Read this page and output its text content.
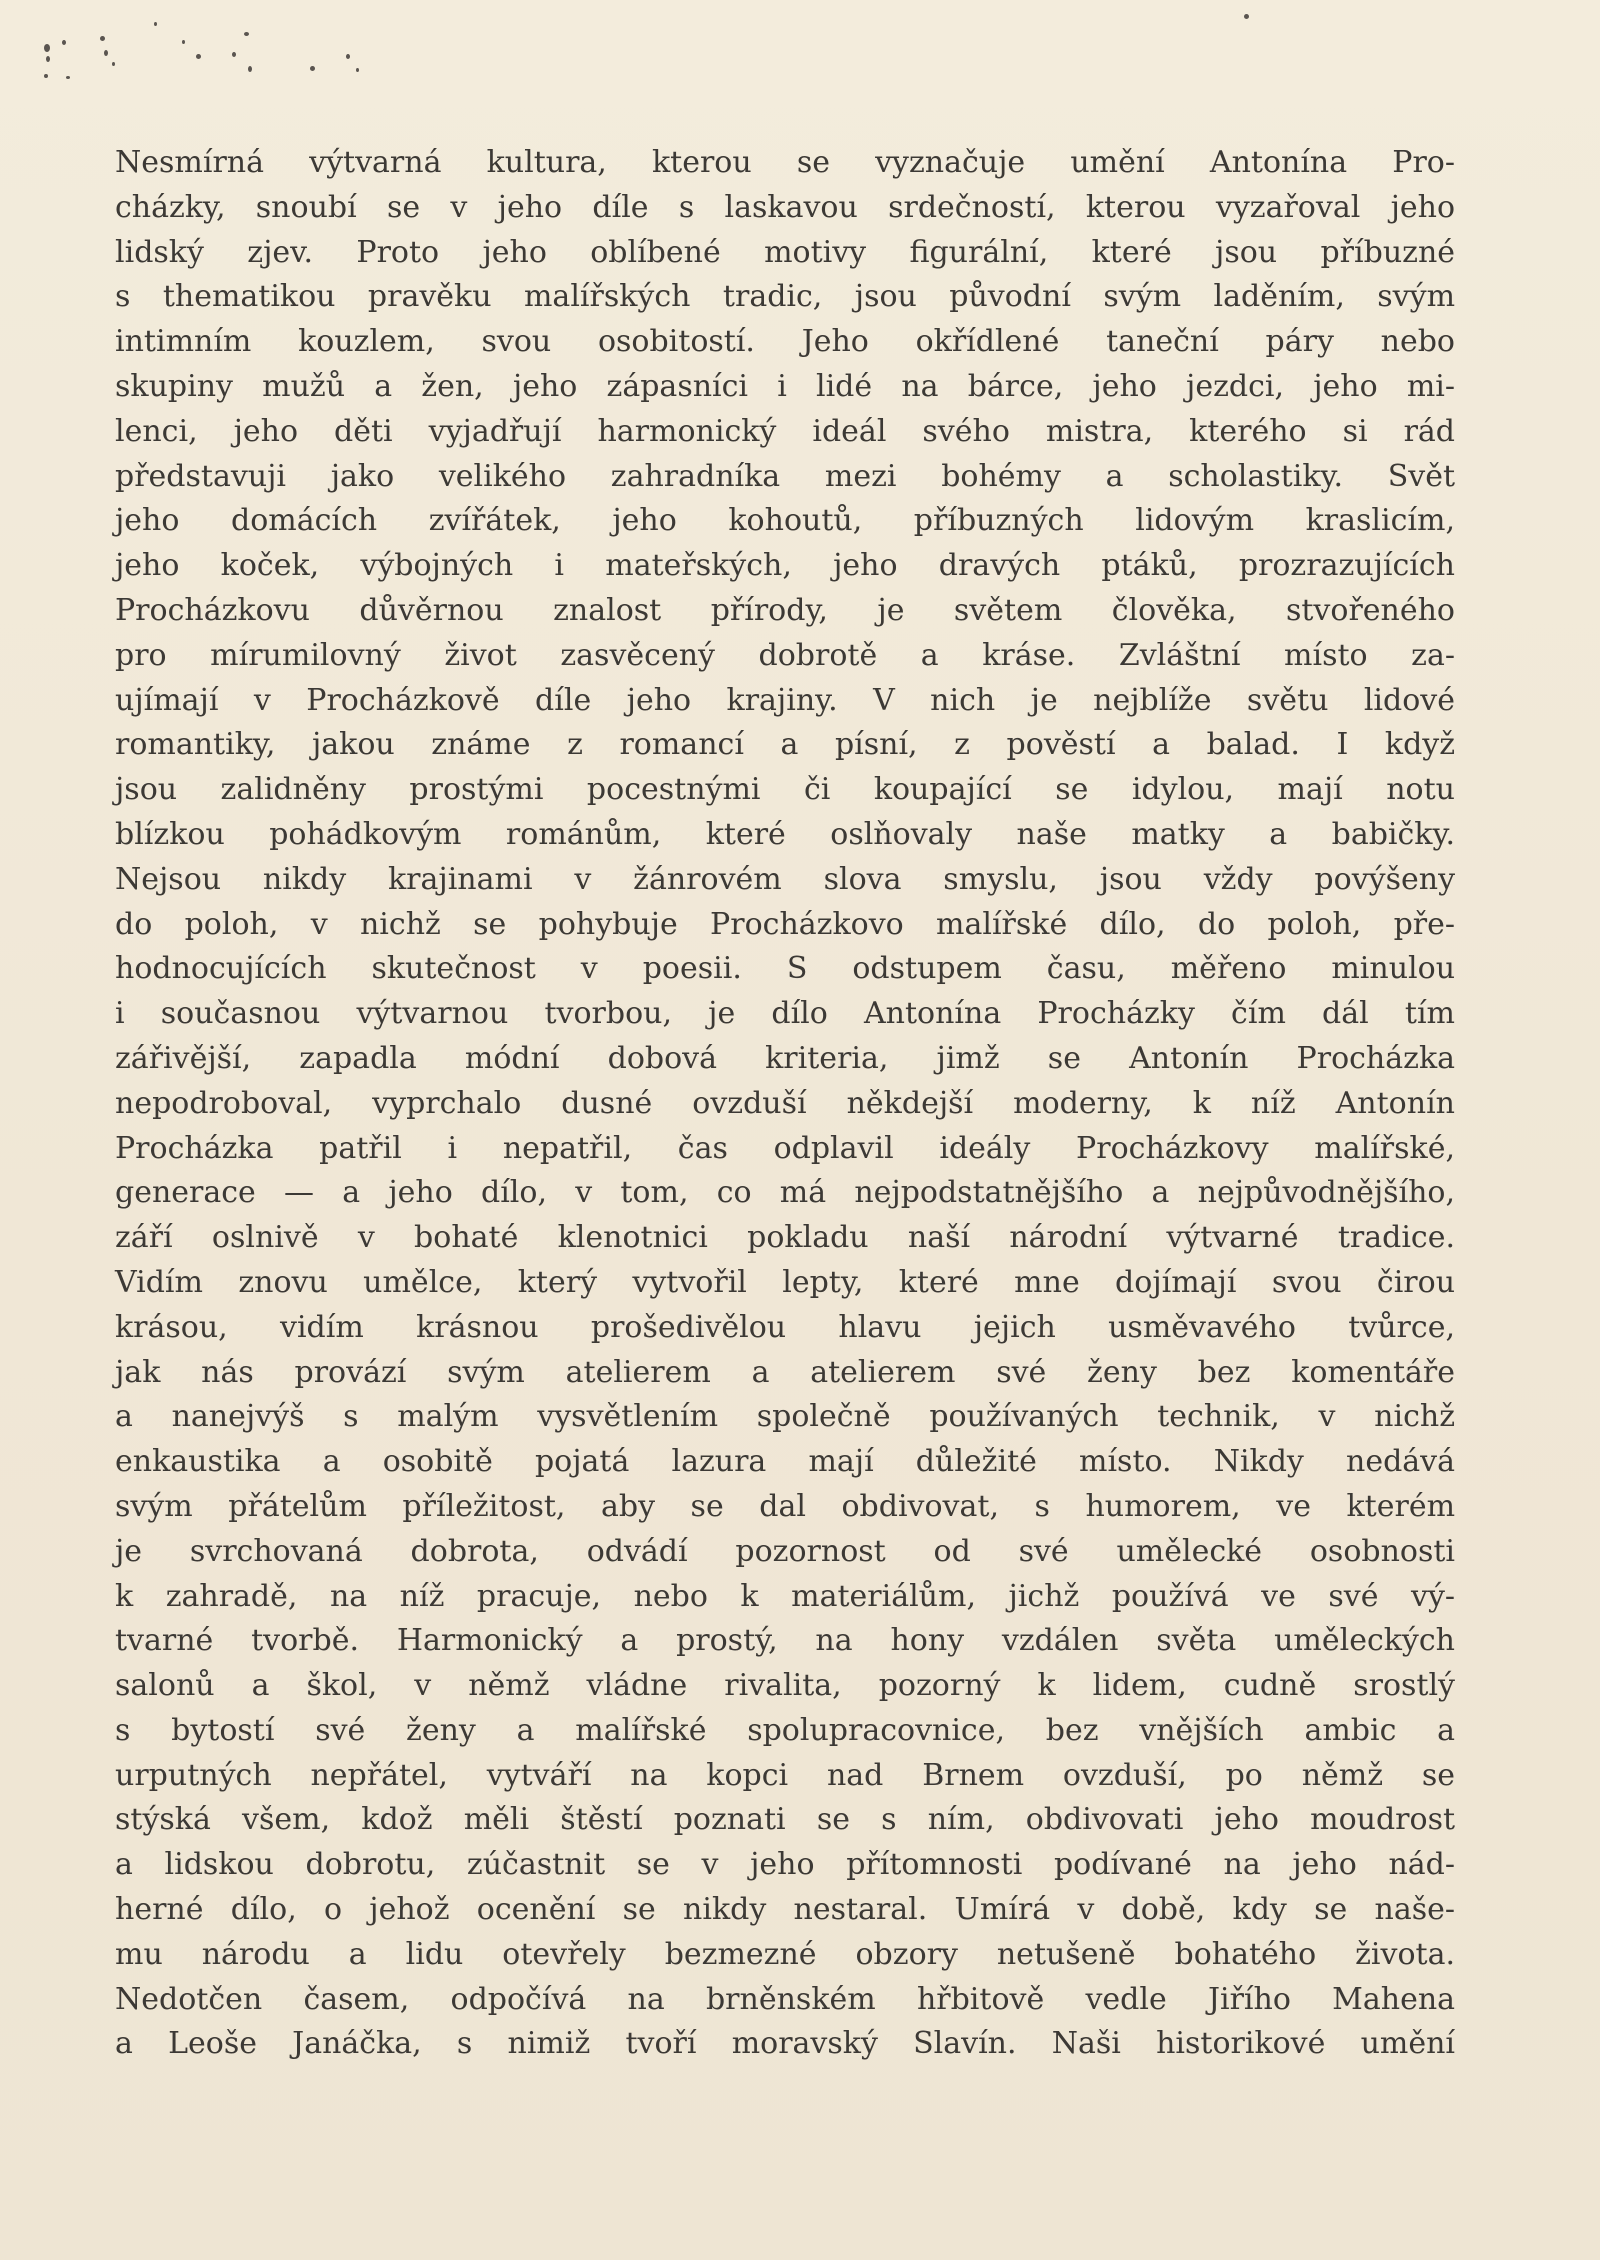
Nesmírná výtvarná kultura, kterou se vyznačuje umění Antonína Pro-
cházky, snoubí se v jeho díle s laskavou srdečností, kterou vyzařoval jeho
lidský zjev. Proto jeho oblíbené motivy figurální, které jsou příbuzné
s thematikou pravěku malířských tradic, jsou původní svým laděním, svým
intimním kouzlem, svou osobitostí. Jeho okřídlené taneční páry nebo
skupiny mužů a žen, jeho zápasníci i lidé na bárce, jeho jezdci, jeho mi-
lenci, jeho děti vyjadřují harmonický ideál svého mistra, kterého si rád
představuji jako velikého zahradníka mezi bohémy a scholastiky. Svět
jeho domácích zvířátek, jeho kohoutů, příbuzných lidovým kraslicím,
jeho koček, výbojných i mateřských, jeho dravých ptáků, prozrazujících
Procházkovu důvěrnou znalost přírody, je světem člověka, stvořeného
pro mírumilovný život zasvěcený dobrotě a kráse. Zvláštní místo za-
ujímají v Procházkově díle jeho krajiny. V nich je nejblíže světu lidové
romantiky, jakou známe z romancí a písní, z pověstí a balad. I když
jsou zalidněny prostými pocestnými či koupající se idylou, mají notu
blízkou pohádkovým románům, které oslňovaly naše matky a babičky.
Nejsou nikdy krajinami v žánrovém slova smyslu, jsou vždy povýšeny
do poloh, v nichž se pohybuje Procházkovo malířské dílo, do poloh, pře-
hodnocujících skutečnost v poesii. S odstupem času, měřeno minulou
i současnou výtvarnou tvorbou, je dílo Antonína Procházky čím dál tím
zářivější, zapadla módní dobová kriteria, jimž se Antonín Procházka
nepodroboval, vyprchalo dusné ovzduší někdejší moderny, k níž Antonín
Procházka patřil i nepatřil, čas odplavil ideály Procházkovy malířské,
generace — a jeho dílo, v tom, co má nejpodstatnějšího a nejpůvodnějšího,
září oslnivě v bohaté klenotnici pokladu naší národní výtvarné tradice.
Vidím znovu umělce, který vytvořil lepty, které mne dojímají svou čirou
krásou, vidím krásnou prošedivělou hlavu jejich usměvavého tvůrce,
jak nás provází svým atelierem a atelierem své ženy bez komentáře
a nanejvýš s malým vysvětlením společně používaných technik, v nichž
enkaustika a osobitě pojatá lazura mají důležité místo. Nikdy nedává
svým přátelům příležitost, aby se dal obdivovat, s humorem, ve kterém
je svrchovaná dobrota, odvádí pozornost od své umělecké osobnosti
k zahradě, na níž pracuje, nebo k materiálům, jichž používá ve své vý-
tvarné tvorbě. Harmonický a prostý, na hony vzdálen světa uměleckých
salonů a škol, v němž vládne rivalita, pozorný k lidem, cudně srostlý
s bytostí své ženy a malířské spolupracovnice, bez vnějších ambic a
urputných nepřátel, vytváří na kopci nad Brnem ovzduší, po němž se
stýská všem, kdož měli štěstí poznati se s ním, obdivovati jeho moudrost
a lidskou dobrotu, zúčastnit se v jeho přítomnosti podívané na jeho nád-
herné dílo, o jehož ocenění se nikdy nestaral. Umírá v době, kdy se naše-
mu národu a lidu otevřely bezmezné obzory netušeně bohatého života.
Nedotčen časem, odpočívá na brněnském hřbitově vedle Jiřího Mahena
a Leoše Janáčka, s nimiž tvoří moravský Slavín. Naši historikové umění
